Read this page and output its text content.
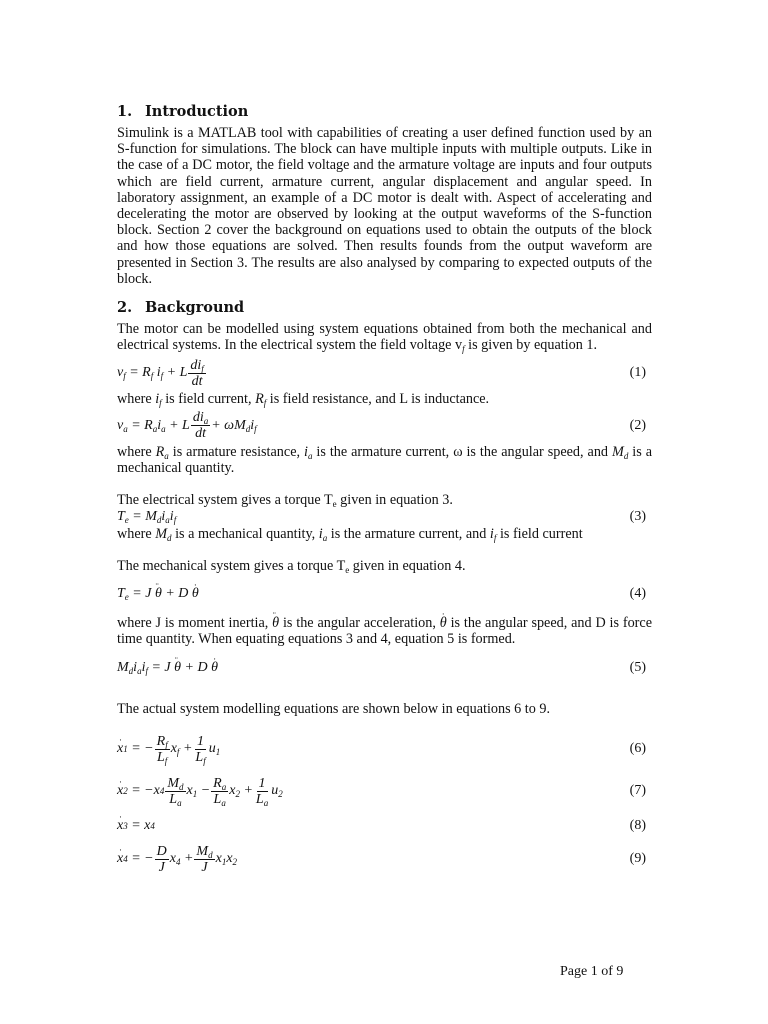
1. Introduction

Simulink is a MATLAB tool with capabilities of creating a user defined function used by an S-function for simulations. The block can have multiple inputs with multiple outputs. Like in the case of a DC motor, the field voltage and the armature voltage are inputs and four outputs which are field current, armature current, angular displacement and angular speed. In laboratory assignment, an example of a DC motor is dealt with. Aspect of accelerating and decelerating the motor are observed by looking at the output waveforms of the S-function block. Section 2 cover the background on equations used to obtain the outputs of the block and how those equations are solved. Then results founds from the output waveform are presented in Section 3. The results are also analysed by comparing to expected outputs of the block.

2. Background

The motor can be modelled using system equations obtained from both the mechanical and electrical systems. In the electrical system the field voltage $v_f$ is given by equation 1.

$v_f = R_f$ $i_f + L \frac{di_f}{dt}$	(1)

where $i_f$ is field current, $R_f$ is field resistance, and L is inductance.

$v_a = R_ai_a + L \frac{di_a}{dt} + \omega M_di_f$	(2)

where $R_a$ is armature resistance, $i_a$ is the armature current, ω is the angular speed, and $M_d$ is a mechanical quantity.

The electrical system gives a torque $T_e$ given in equation 3.

$T_e = M_di_ai_f$	(3)

where $M_d$ is a mechanical quantity, $i_a$ is the armature current, and $i_f$ is field current

The mechanical system gives a torque $T_e$ given in equation 4.

$T_e = J \cdot\cdot \theta + D \cdot \theta$	(4)

where J is moment inertia, ·· θ is the angular acceleration, · θ is the angular speed, and D is force time quantity. When equating equations 3 and 4, equation 5 is formed.

$M_di_ai_f = J \cdot\cdot \theta + D \cdot \theta$	(5)

The actual system modelling equations are shown below in equations 6 to 9.

· x 1 = − $\frac{R_f}{L_f} x_f + \frac{1}{L_f} u_1$	(6)
· x 2 = −x $4 \frac{M_d}{L_a} x_1 - \frac{R_a}{L_a} x_2 + \frac{1}{L_a} u_2$	(7)
· x 3 = x 4	(8)
· x 4 = − $\frac{D}{J} x_4 + \frac{M_d}{J} x_1x_2$	(9)
Page 1 of 9
